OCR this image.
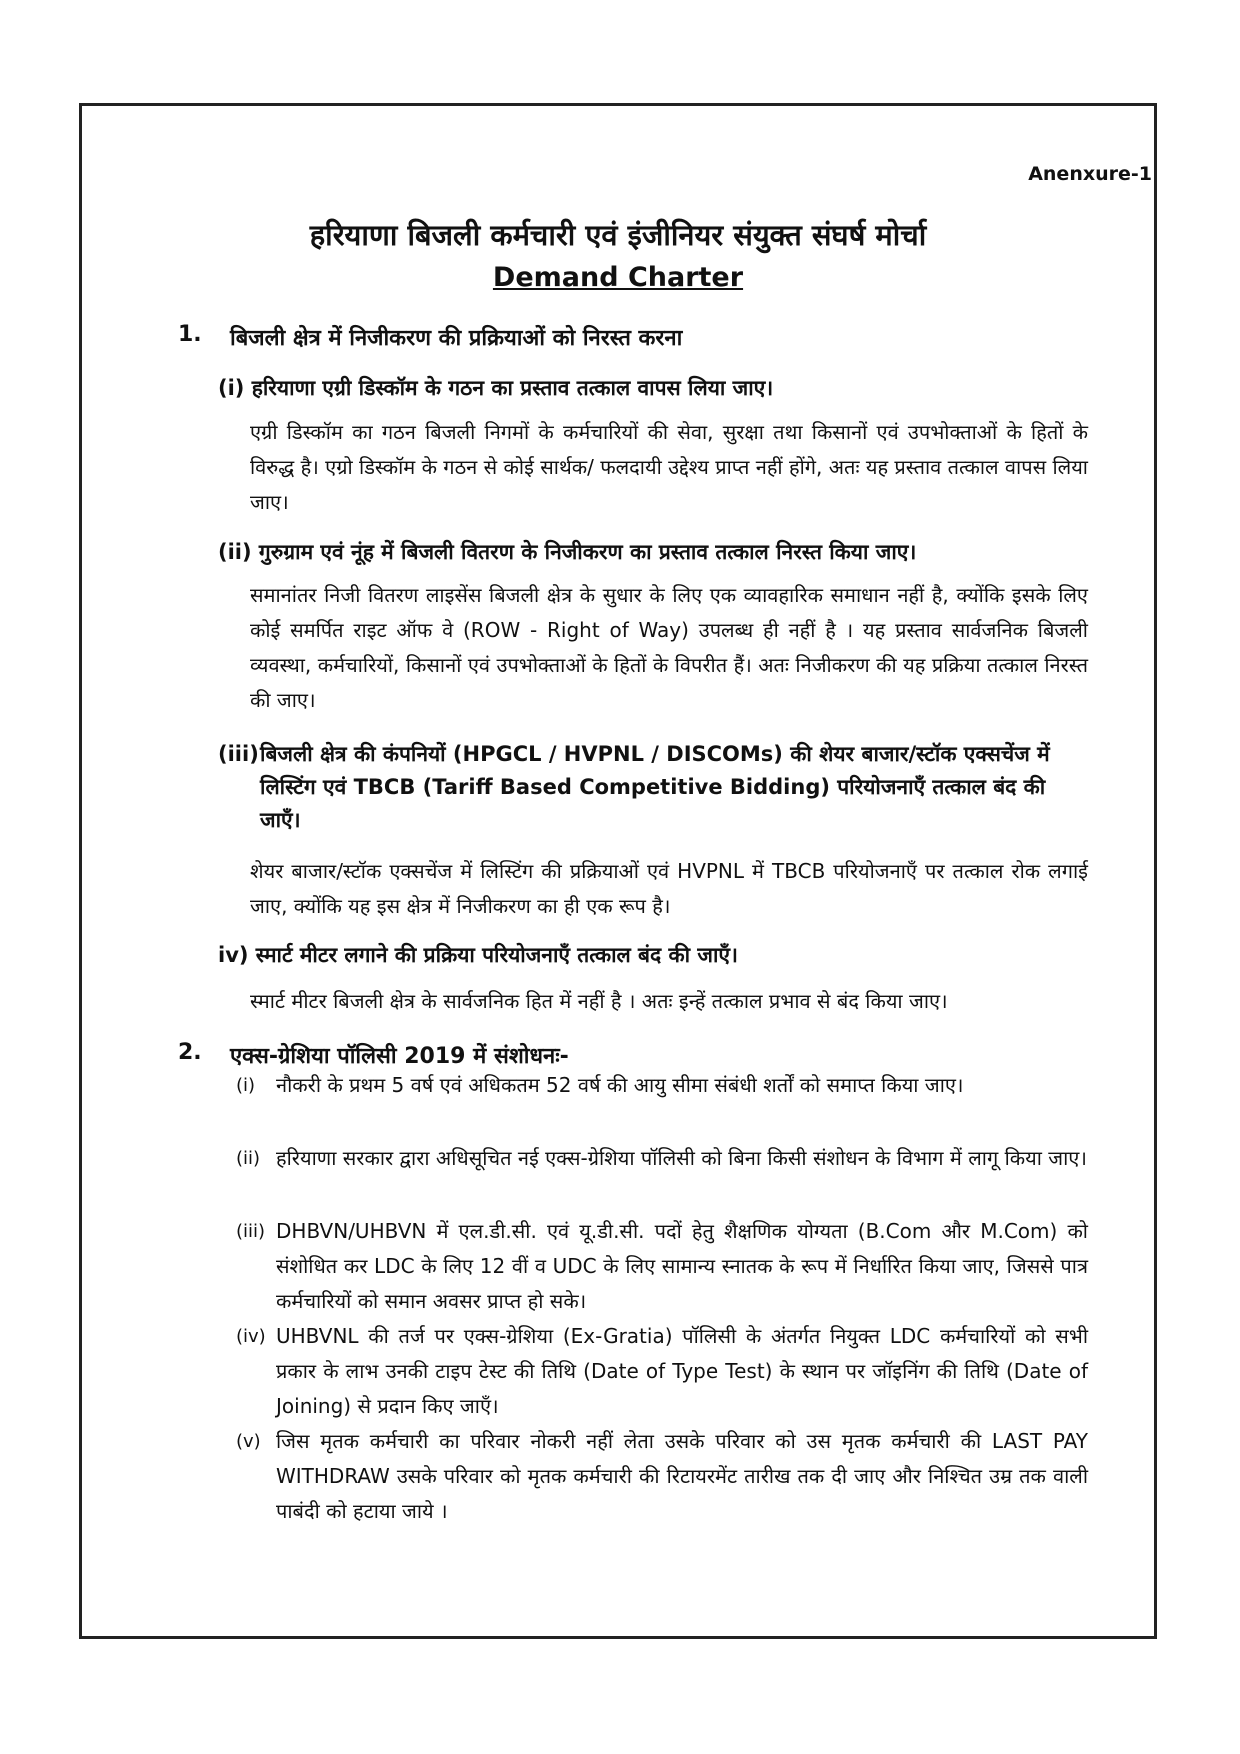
Anenxure-1
हरियाणा बिजली कर्मचारी एवं इंजीनियर संयुक्त संघर्ष मोर्चा
Demand Charter
1. बिजली क्षेत्र में निजीकरण की प्रक्रियाओं को निरस्त करना
(i) हरियाणा एग्री डिस्कॉम के गठन का प्रस्ताव तत्काल वापस लिया जाए।
एग्री डिस्कॉम का गठन बिजली निगमों के कर्मचारियों की सेवा, सुरक्षा तथा किसानों एवं उपभोक्ताओं के हितों के विरुद्ध है। एग्रो डिस्कॉम के गठन से कोई सार्थक/ फलदायी उद्देश्य प्राप्त नहीं होंगे, अतः यह प्रस्ताव तत्काल वापस लिया जाए।
(ii) गुरुग्राम एवं नूंह में बिजली वितरण के निजीकरण का प्रस्ताव तत्काल निरस्त किया जाए।
समानांतर निजी वितरण लाइसेंस बिजली क्षेत्र के सुधार के लिए एक व्यावहारिक समाधान नहीं है, क्योंकि इसके लिए कोई समर्पित राइट ऑफ वे (ROW - Right of Way) उपलब्ध ही नहीं है । यह प्रस्ताव सार्वजनिक बिजली व्यवस्था, कर्मचारियों, किसानों एवं उपभोक्ताओं के हितों के विपरीत हैं। अतः निजीकरण की यह प्रक्रिया तत्काल निरस्त की जाए।
(iii) बिजली क्षेत्र की कंपनियों (HPGCL / HVPNL / DISCOMs) की शेयर बाजार/स्टॉक एक्सचेंज में लिस्टिंग एवं TBCB (Tariff Based Competitive Bidding) परियोजनाएँ तत्काल बंद की जाएँ।
शेयर बाजार/स्टॉक एक्सचेंज में लिस्टिंग की प्रक्रियाओं एवं HVPNL में TBCB परियोजनाएँ पर तत्काल रोक लगाई जाए, क्योंकि यह इस क्षेत्र में निजीकरण का ही एक रूप है।
iv) स्मार्ट मीटर लगाने की प्रक्रिया परियोजनाएँ तत्काल बंद की जाएँ।
स्मार्ट मीटर बिजली क्षेत्र के सार्वजनिक हित में नहीं है । अतः इन्हें तत्काल प्रभाव से बंद किया जाए।
2. एक्स-ग्रेशिया पॉलिसी 2019 में संशोधनः-
(i) नौकरी के प्रथम 5 वर्ष एवं अधिकतम 52 वर्ष की आयु सीमा संबंधी शर्तों को समाप्त किया जाए।
(ii) हरियाणा सरकार द्वारा अधिसूचित नई एक्स-ग्रेशिया पॉलिसी को बिना किसी संशोधन के विभाग में लागू किया जाए।
(iii) DHBVN/UHBVN में एल.डी.सी. एवं यू.डी.सी. पदों हेतु शैक्षणिक योग्यता (B.Com और M.Com) को संशोधित कर LDC के लिए 12 वीं व UDC के लिए सामान्य स्नातक के रूप में निर्धारित किया जाए, जिससे पात्र कर्मचारियों को समान अवसर प्राप्त हो सके।
(iv) UHBVNL की तर्ज पर एक्स-ग्रेशिया (Ex-Gratia) पॉलिसी के अंतर्गत नियुक्त LDC कर्मचारियों को सभी प्रकार के लाभ उनकी टाइप टेस्ट की तिथि (Date of Type Test) के स्थान पर जॉइनिंग की तिथि (Date of Joining) से प्रदान किए जाएँ।
(v) जिस मृतक कर्मचारी का परिवार नोकरी नहीं लेता उसके परिवार को उस मृतक कर्मचारी की LAST PAY WITHDRAW उसके परिवार को मृतक कर्मचारी की रिटायरमेंट तारीख तक दी जाए और निश्चित उम्र तक वाली पाबंदी को हटाया जाये ।
